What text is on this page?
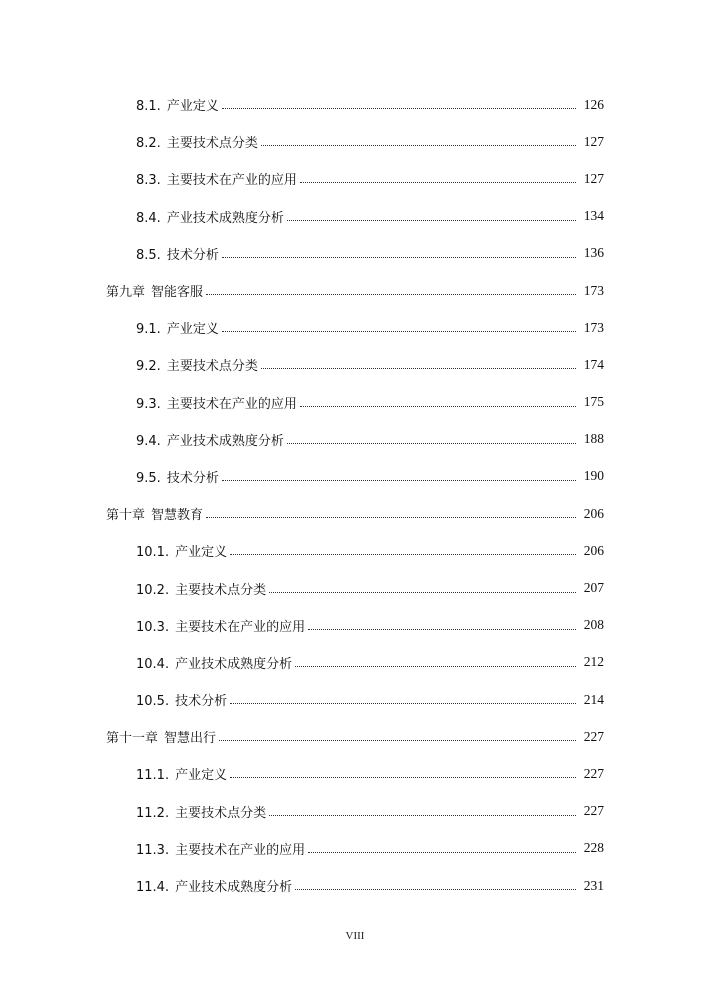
8.1. 产业定义	126
8.2. 主要技术点分类	127
8.3. 主要技术在产业的应用	127
8.4. 产业技术成熟度分析	134
8.5. 技术分析	136
第九章 智能客服	173
9.1. 产业定义	173
9.2. 主要技术点分类	174
9.3. 主要技术在产业的应用	175
9.4. 产业技术成熟度分析	188
9.5. 技术分析	190
第十章 智慧教育	206
10.1. 产业定义	206
10.2. 主要技术点分类	207
10.3. 主要技术在产业的应用	208
10.4. 产业技术成熟度分析	212
10.5. 技术分析	214
第十一章 智慧出行	227
11.1. 产业定义	227
11.2. 主要技术点分类	227
11.3. 主要技术在产业的应用	228
11.4. 产业技术成熟度分析	231
VIII
